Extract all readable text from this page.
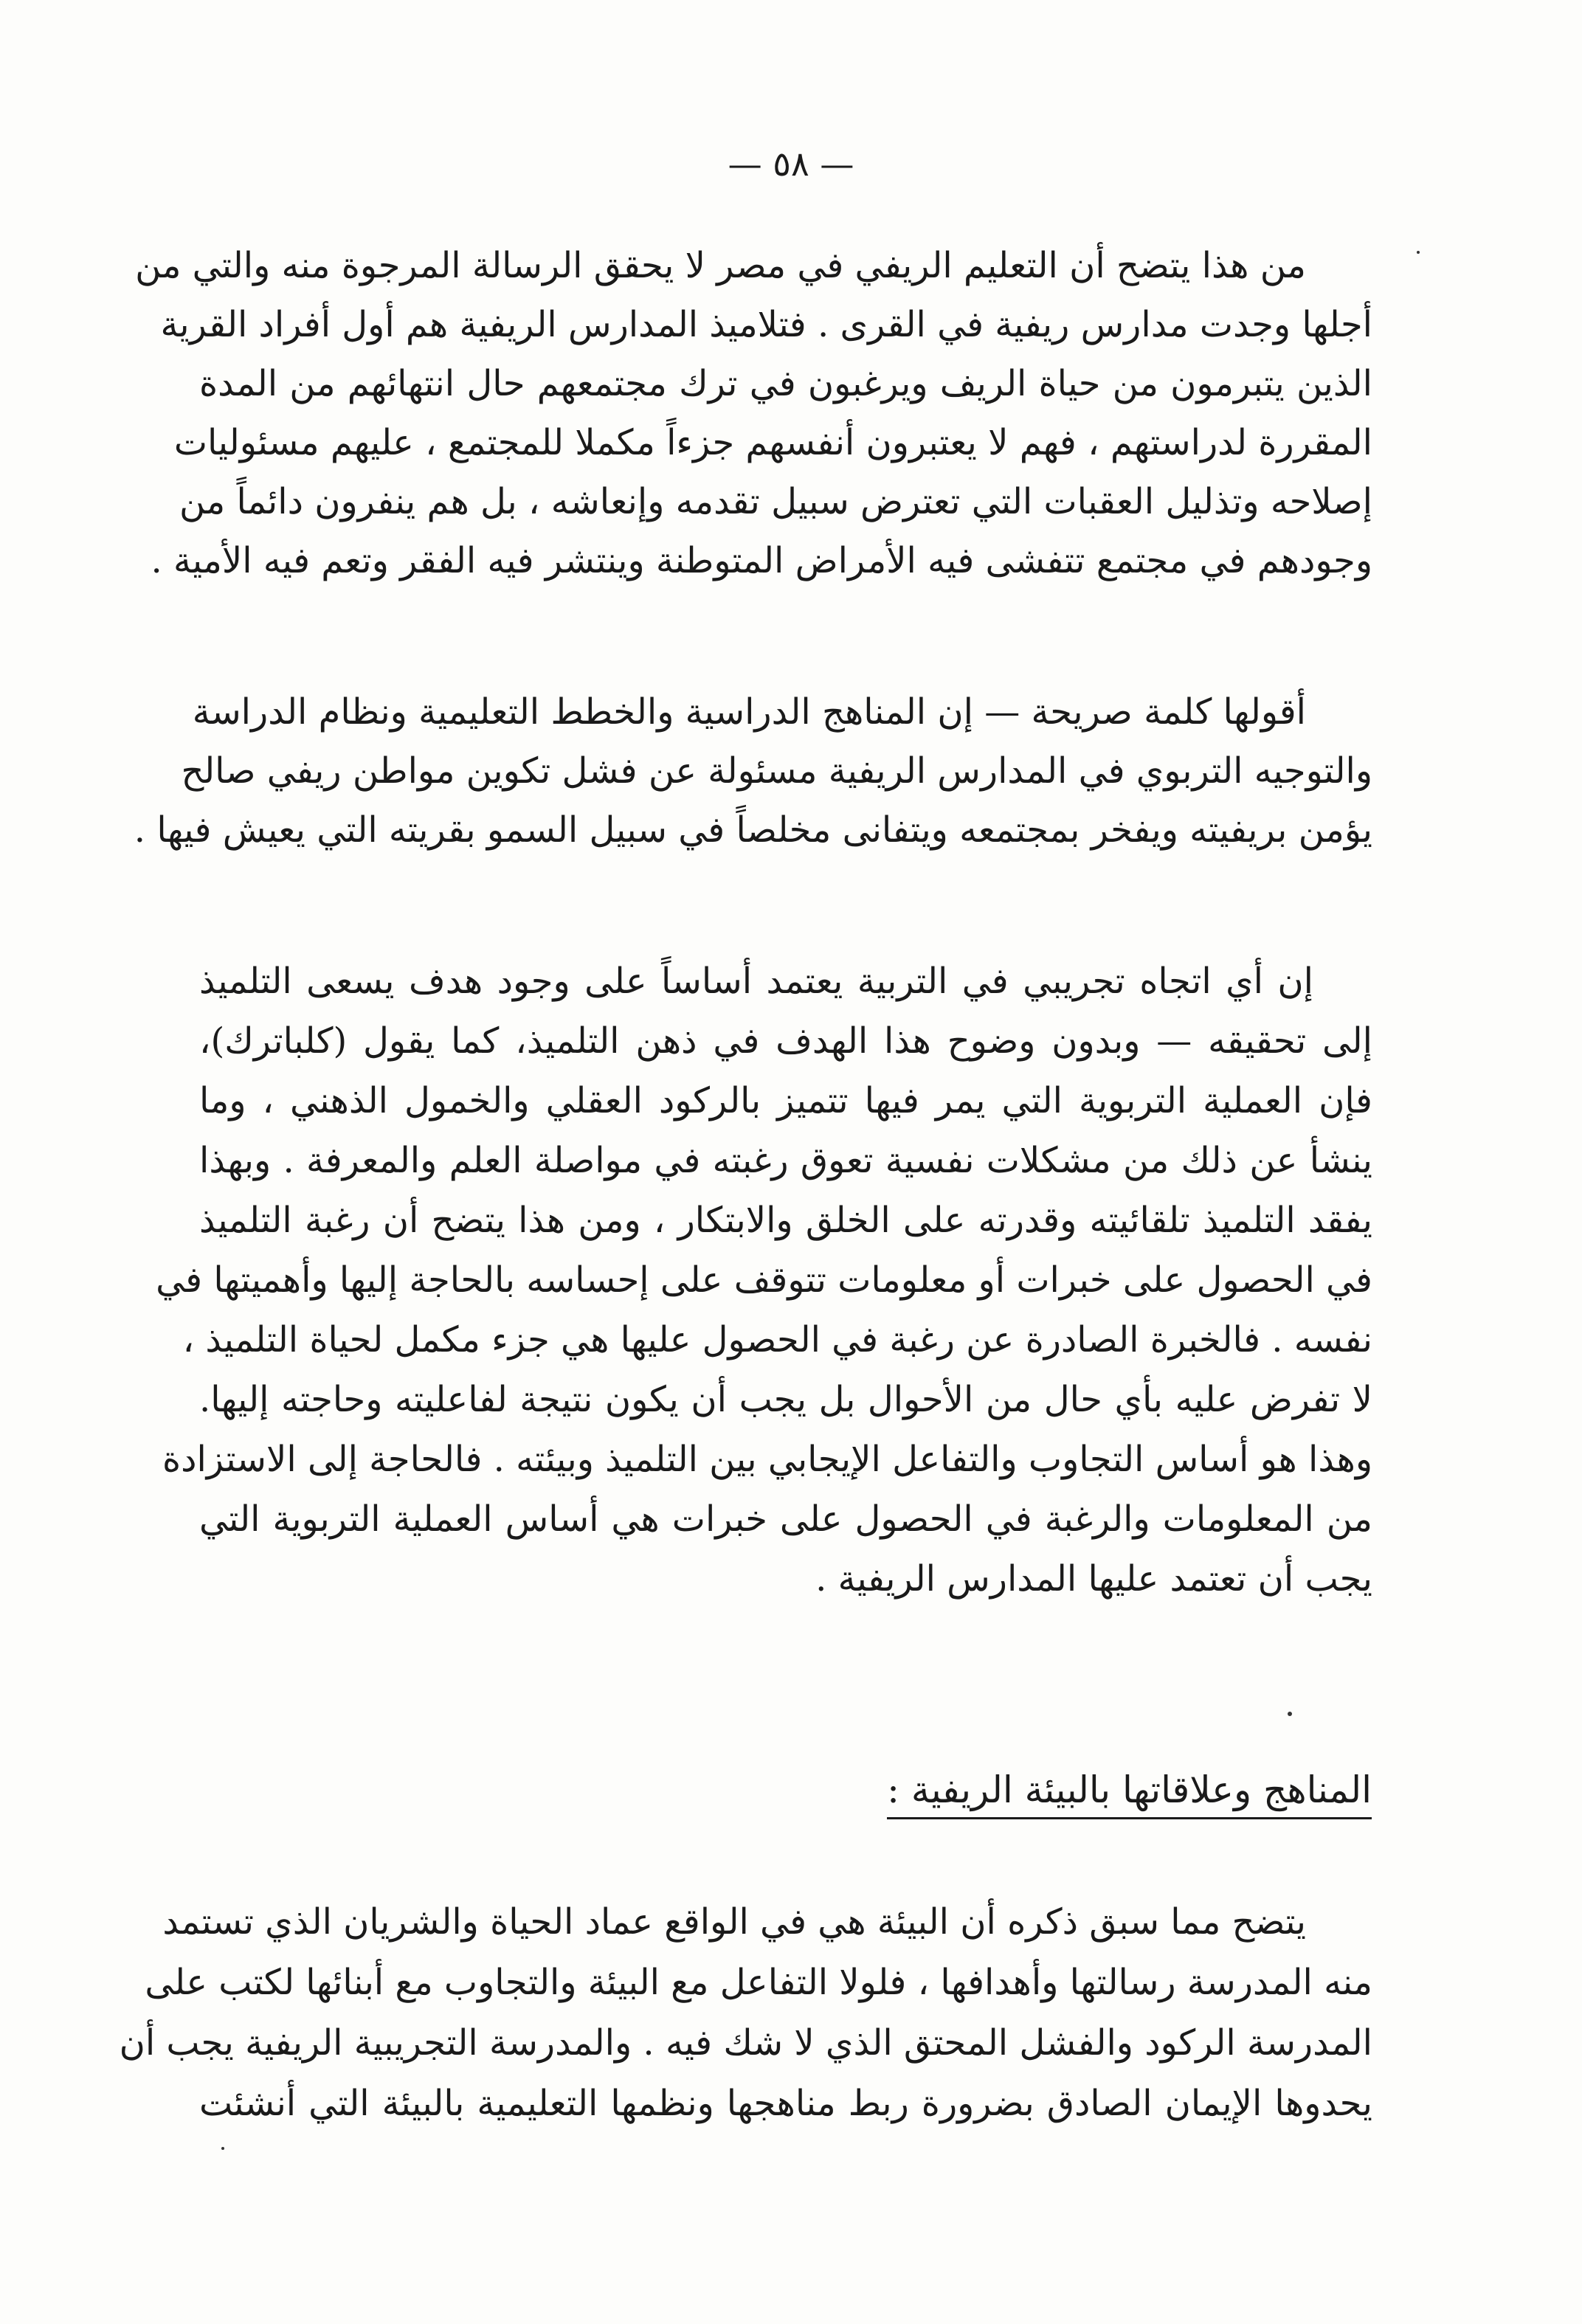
— ٥٨ —
من هذا يتضح أن التعليم الريفي في مصر لا يحقق الرسالة المرجوة منه والتي من
أجلها وجدت مدارس ريفية في القرى . فتلاميذ المدارس الريفية هم أول أفراد القرية
الذين يتبرمون من حياة الريف ويرغبون في ترك مجتمعهم حال انتهائهم من المدة
المقررة لدراستهم ، فهم لا يعتبرون أنفسهم جزءاً مكملا للمجتمع ، عليهم مسئوليات
إصلاحه وتذليل العقبات التي تعترض سبيل تقدمه وإنعاشه ، بل هم ينفرون دائماً من
وجودهم في مجتمع تتفشى فيه الأمراض المتوطنة وينتشر فيه الفقر وتعم فيه الأمية .
أقولها كلمة صريحة — إن المناهج الدراسية والخطط التعليمية ونظام الدراسة
والتوجيه التربوي في المدارس الريفية مسئولة عن فشل تكوين مواطن ريفي صالح
يؤمن بريفيته ويفخر بمجتمعه ويتفانى مخلصاً في سبيل السمو بقريته التي يعيش فيها .
إن أي اتجاه تجريبي في التربية يعتمد أساساً على وجود هدف يسعى التلميذ
إلى تحقيقه — وبدون وضوح هذا الهدف في ذهن التلميذ، كما يقول (كلباترك)،
فإن العملية التربوية التي يمر فيها تتميز بالركود العقلي والخمول الذهني ، وما
ينشأ عن ذلك من مشكلات نفسية تعوق رغبته في مواصلة العلم والمعرفة . وبهذا
يفقد التلميذ تلقائيته وقدرته على الخلق والابتكار ، ومن هذا يتضح أن رغبة التلميذ
في الحصول على خبرات أو معلومات تتوقف على إحساسه بالحاجة إليها وأهميتها في
نفسه . فالخبرة الصادرة عن رغبة في الحصول عليها هي جزء مكمل لحياة التلميذ ،
لا تفرض عليه بأي حال من الأحوال بل يجب أن يكون نتيجة لفاعليته وحاجته إليها.
وهذا هو أساس التجاوب والتفاعل الإيجابي بين التلميذ وبيئته . فالحاجة إلى الاستزادة
من المعلومات والرغبة في الحصول على خبرات هي أساس العملية التربوية التي
يجب أن تعتمد عليها المدارس الريفية .
المناهج وعلاقاتها بالبيئة الريفية :
يتضح مما سبق ذكره أن البيئة هي في الواقع عماد الحياة والشريان الذي تستمد
منه المدرسة رسالتها وأهدافها ، فلولا التفاعل مع البيئة والتجاوب مع أبنائها لكتب على
المدرسة الركود والفشل المحتق الذي لا شك فيه . والمدرسة التجريبية الريفية يجب أن
يحدوها الإيمان الصادق بضرورة ربط مناهجها ونظمها التعليمية بالبيئة التي أنشئت
